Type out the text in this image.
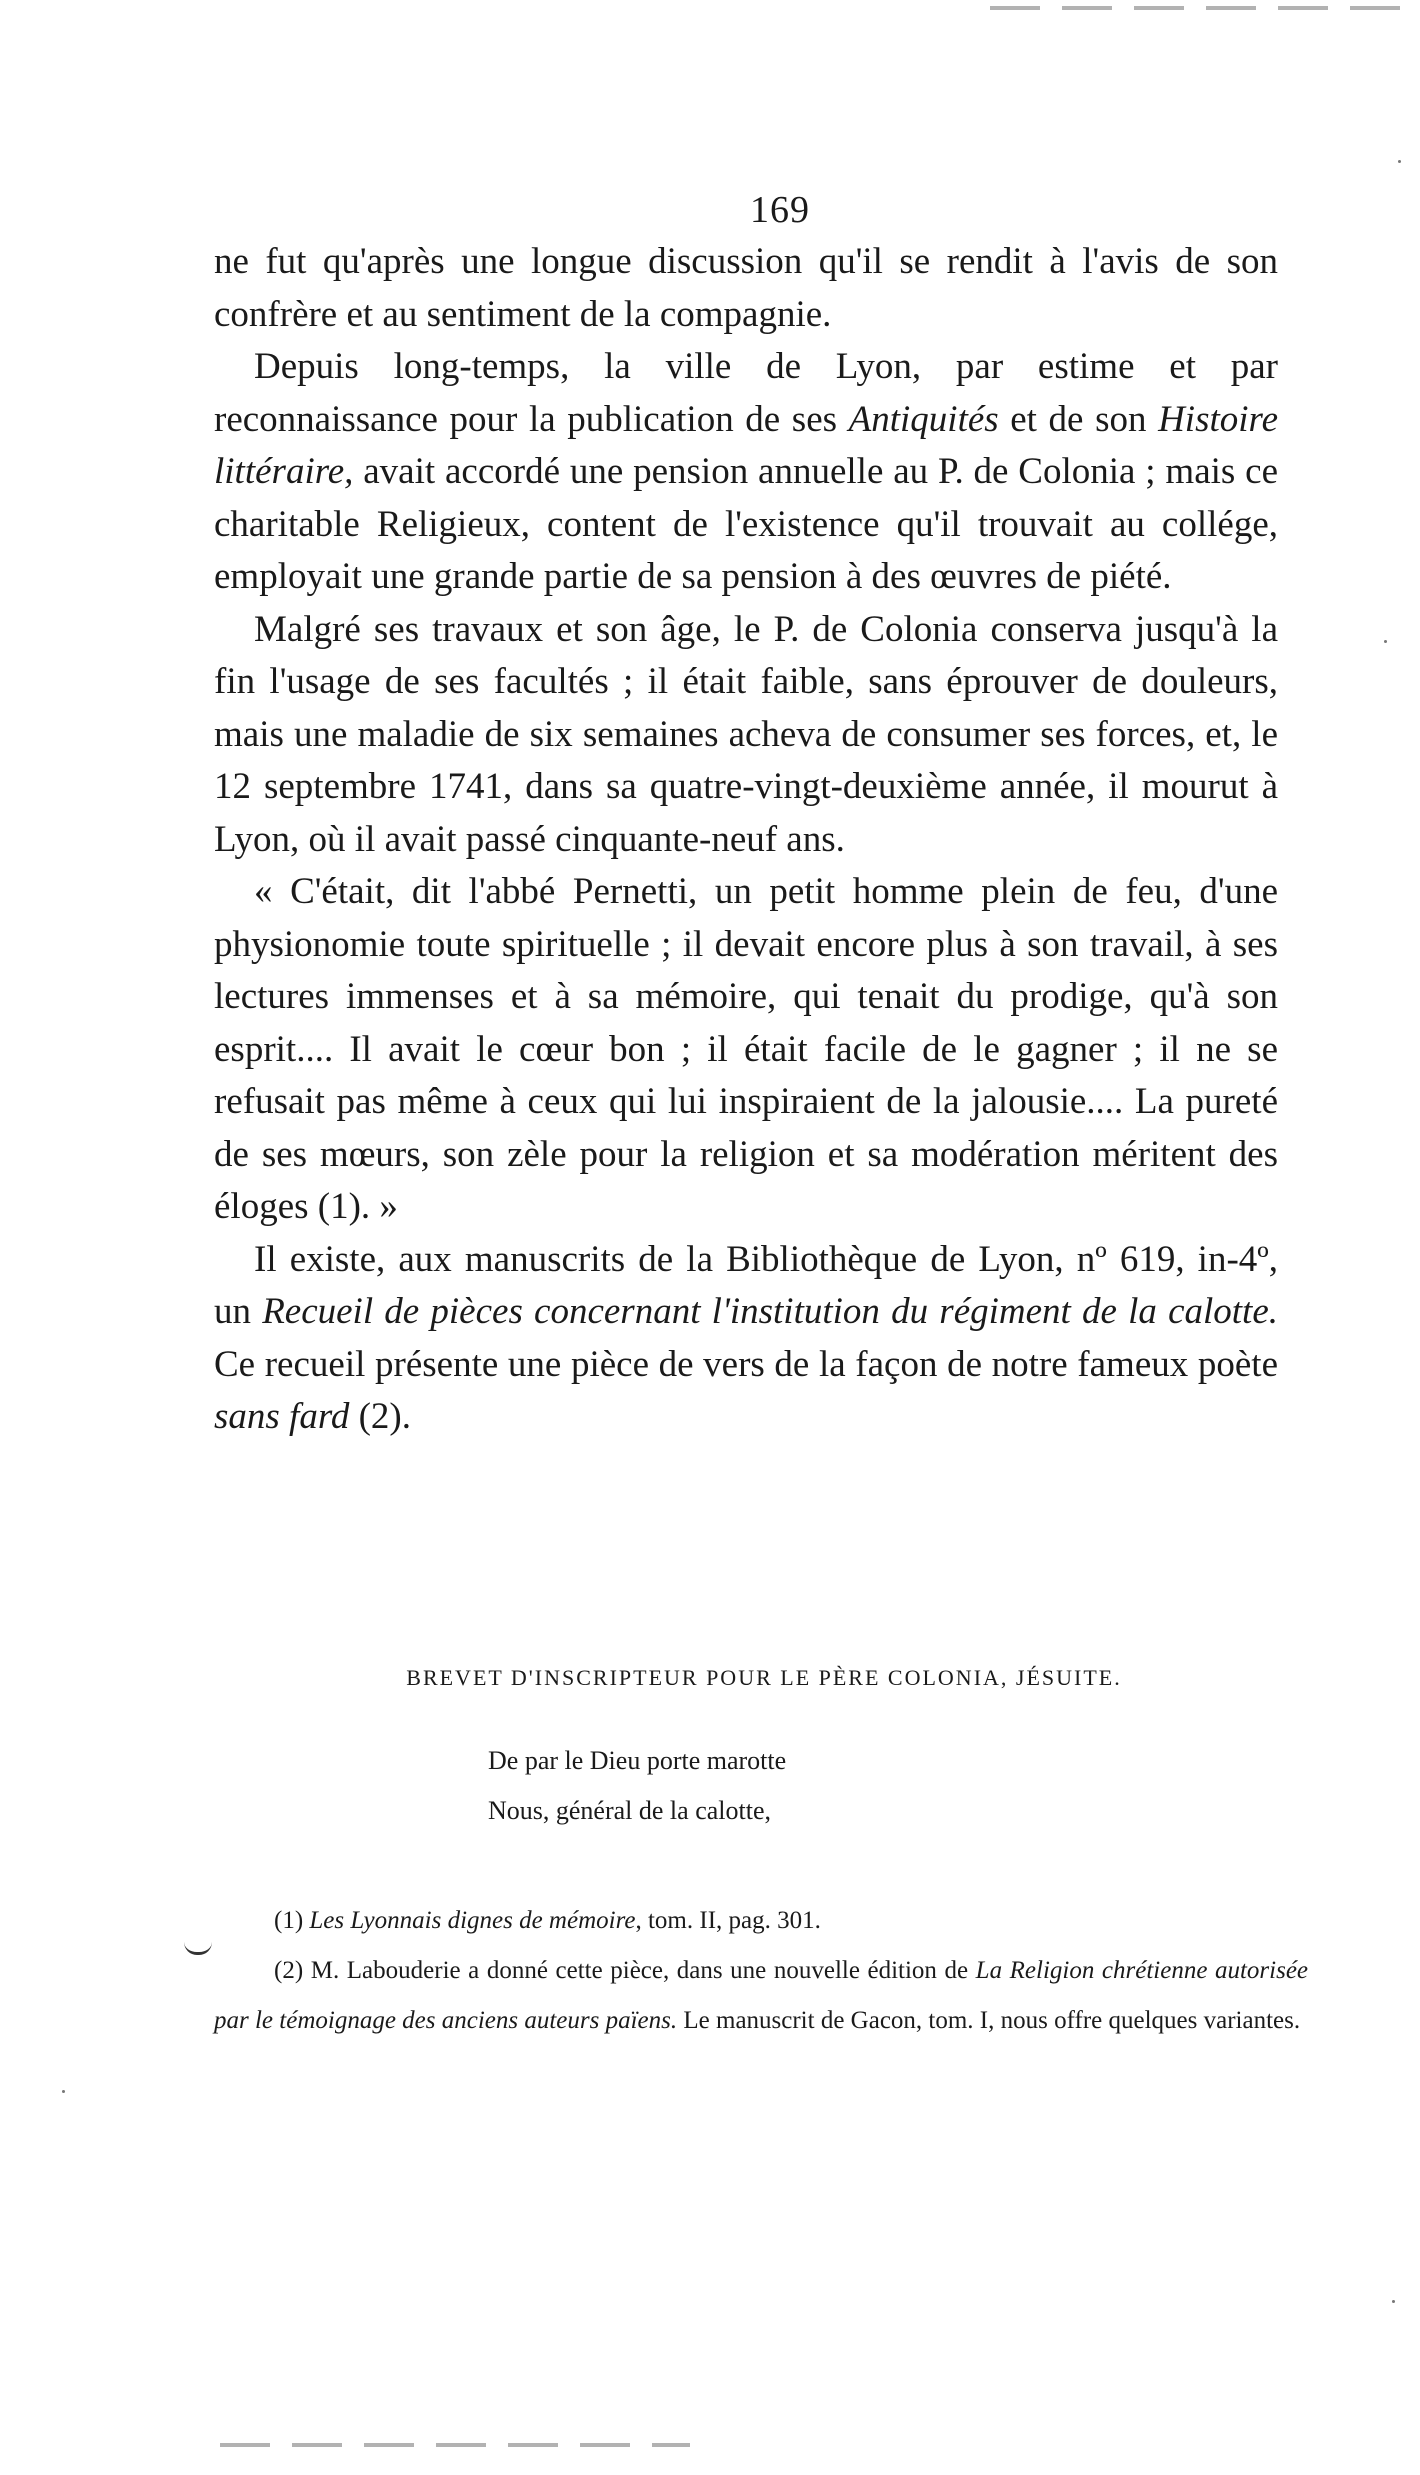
169

ne fut qu'après une longue discussion qu'il se rendit à l'avis de son confrère et au sentiment de la compagnie.

Depuis long-temps, la ville de Lyon, par estime et par reconnaissance pour la publication de ses Antiquités et de son Histoire littéraire, avait accordé une pension annuelle au P. de Colonia ; mais ce charitable Religieux, content de l'existence qu'il trouvait au collége, employait une grande partie de sa pension à des œuvres de piété.

Malgré ses travaux et son âge, le P. de Colonia conserva jusqu'à la fin l'usage de ses facultés ; il était faible, sans éprouver de douleurs, mais une maladie de six semaines acheva de consumer ses forces, et, le 12 septembre 1741, dans sa quatre-vingt-deuxième année, il mourut à Lyon, où il avait passé cinquante-neuf ans.

« C'était, dit l'abbé Pernetti, un petit homme plein de feu, d'une physionomie toute spirituelle ; il devait encore plus à son travail, à ses lectures immenses et à sa mémoire, qui tenait du prodige, qu'à son esprit.... Il avait le cœur bon ; il était facile de le gagner ; il ne se refusait pas même à ceux qui lui inspiraient de la jalousie.... La pureté de ses mœurs, son zèle pour la religion et sa modération méritent des éloges (1). »

Il existe, aux manuscrits de la Bibliothèque de Lyon, nº 619, in-4º, un Recueil de pièces concernant l'institution du régiment de la calotte. Ce recueil présente une pièce de vers de la façon de notre fameux poète sans fard (2).

BREVET D'INSCRIPTEUR POUR LE PÈRE COLONIA, JÉSUITE.
De par le Dieu porte marotte
Nous, général de la calotte,

(1) Les Lyonnais dignes de mémoire, tom. II, pag. 301.

(2) M. Labouderie a donné cette pièce, dans une nouvelle édition de La Religion chrétienne autorisée par le témoignage des anciens auteurs païens. Le manuscrit de Gacon, tom. I, nous offre quelques variantes.
